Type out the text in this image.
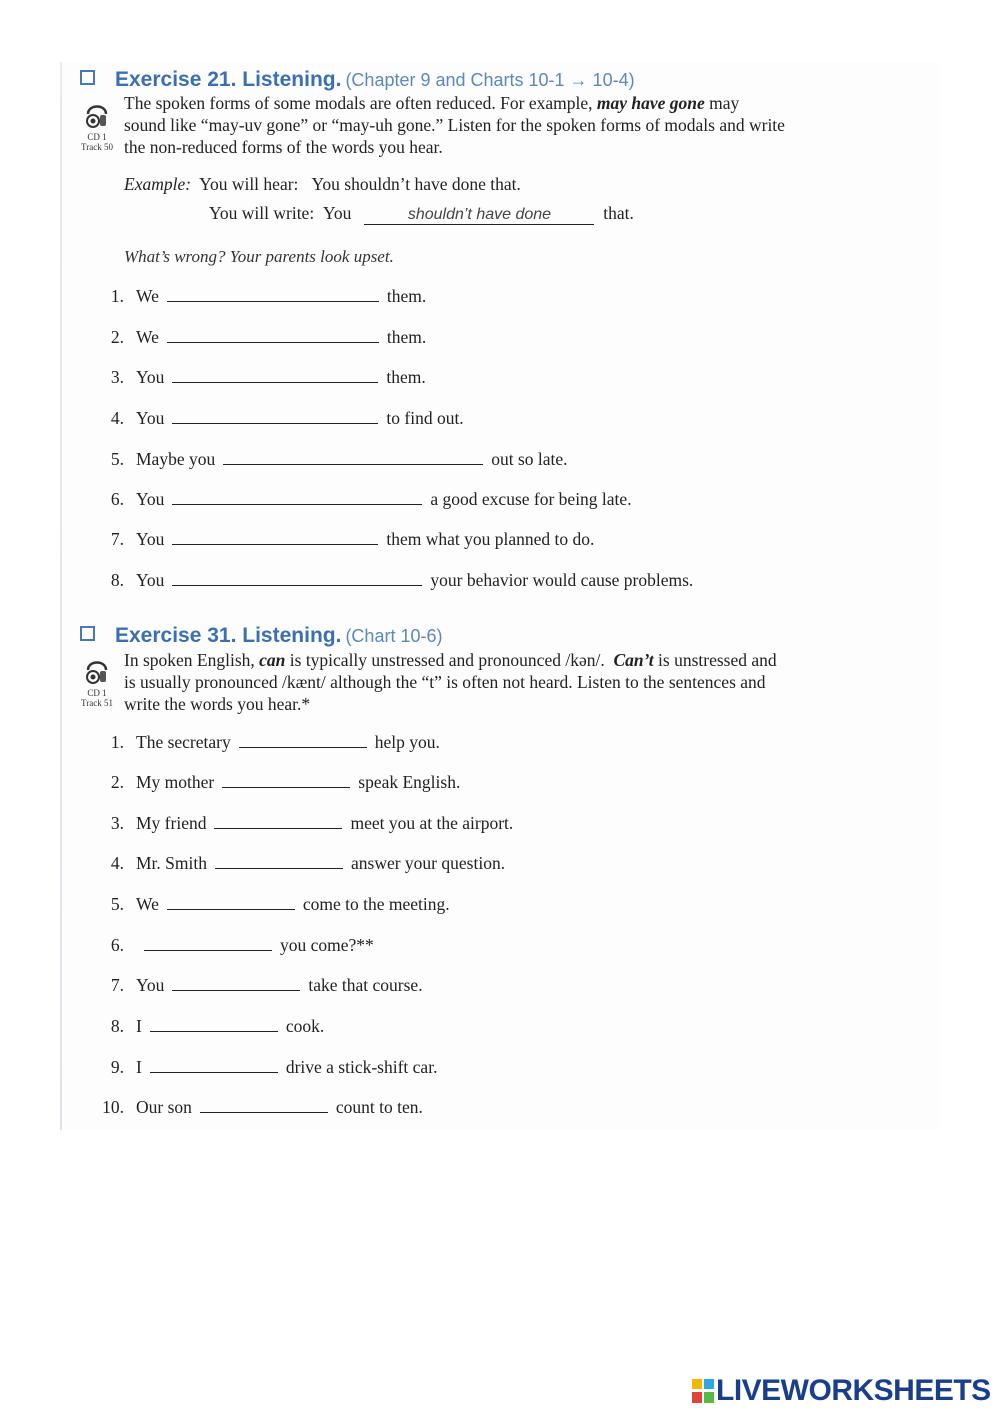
Exercise 21. Listening. (Chapter 9 and Charts 10-1 → 10-4)
CD 1
Track 50
The spoken forms of some modals are often reduced. For example, may have gone may
sound like “may-uv gone” or “may-uh gone.” Listen for the spoken forms of modals and write
the non-reduced forms of the words you hear.
Example: You will hear: You shouldn’t have done that.
You will write: You	shouldn’t have done	that.
What’s wrong? Your parents look upset.
1. We	them.
2. We	them.
3. You	them.
4. You	to find out.
5. Maybe you	out so late.
6. You	a good excuse for being late.
7. You	them what you planned to do.
8. You	your behavior would cause problems.
Exercise 31. Listening. (Chart 10-6)
CD 1
Track 51
In spoken English, can is typically unstressed and pronounced /kən/. Can’t is unstressed and
is usually pronounced /kænt/ although the “t” is often not heard. Listen to the sentences and
write the words you hear.*
1. The secretary	help you.
2. My mother	speak English.
3. My friend	meet you at the airport.
4. Mr. Smith	answer your question.
5. We	come to the meeting.
6.	you come?**
7. You	take that course.
8. I	cook.
9. I	drive a stick-shift car.
10. Our son	count to ten.
LIVEWORKSHEETS
